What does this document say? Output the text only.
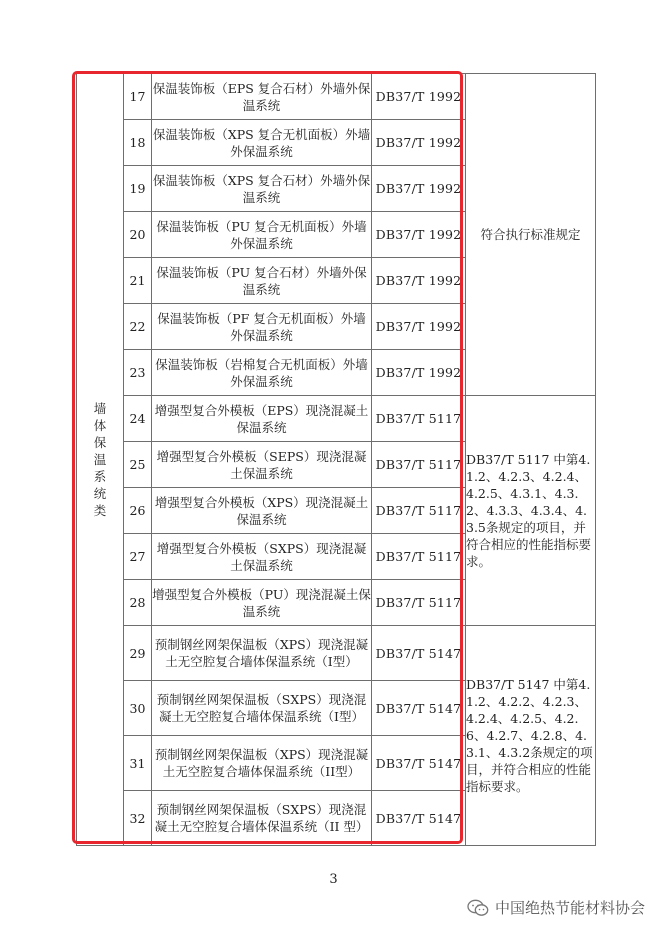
墙体保温系统类	17	保温装饰板（EPS 复合石材）外墙外保温系统	DB37/T 1992	符合执行标准规定
	18	保温装饰板（XPS 复合无机面板）外墙外保温系统	DB37/T 1992	
	19	保温装饰板（XPS 复合石材）外墙外保温系统	DB37/T 1992	
	20	保温装饰板（PU 复合无机面板）外墙外保温系统	DB37/T 1992	
	21	保温装饰板（PU 复合石材）外墙外保温系统	DB37/T 1992	
	22	保温装饰板（PF 复合无机面板）外墙外保温系统	DB37/T 1992	
	23	保温装饰板（岩棉复合无机面板）外墙外保温系统	DB37/T 1992	
	24	增强型复合外模板（EPS）现浇混凝土保温系统	DB37/T 5117	DB37/T 5117 中第4.1.2、4.2.3、4.2.4、4.2.5、4.3.1、4.3.2、4.3.3、4.3.4、4.3.5条规定的项目，并符合相应的性能指标要求。
	25	增强型复合外模板（SEPS）现浇混凝土保温系统	DB37/T 5117	
	26	增强型复合外模板（XPS）现浇混凝土保温系统	DB37/T 5117	
	27	增强型复合外模板（SXPS）现浇混凝土保温系统	DB37/T 5117	
	28	增强型复合外模板（PU）现浇混凝土保温系统	DB37/T 5117	
	29	预制钢丝网架保温板（XPS）现浇混凝土无空腔复合墙体保温系统（I型）	DB37/T 5147	DB37/T 5147 中第4.1.2、4.2.2、4.2.3、4.2.4、4.2.5、4.2.6、4.2.7、4.2.8、4.3.1、4.3.2条规定的项目，并符合相应的性能指标要求。
	30	预制钢丝网架保温板（SXPS）现浇混凝土无空腔复合墙体保温系统（I型）	DB37/T 5147	
	31	预制钢丝网架保温板（XPS）现浇混凝土无空腔复合墙体保温系统（II型）	DB37/T 5147	
	32	预制钢丝网架保温板（SXPS）现浇混凝土无空腔复合墙体保温系统（II 型）	DB37/T 5147	
3
中国绝热节能材料协会
